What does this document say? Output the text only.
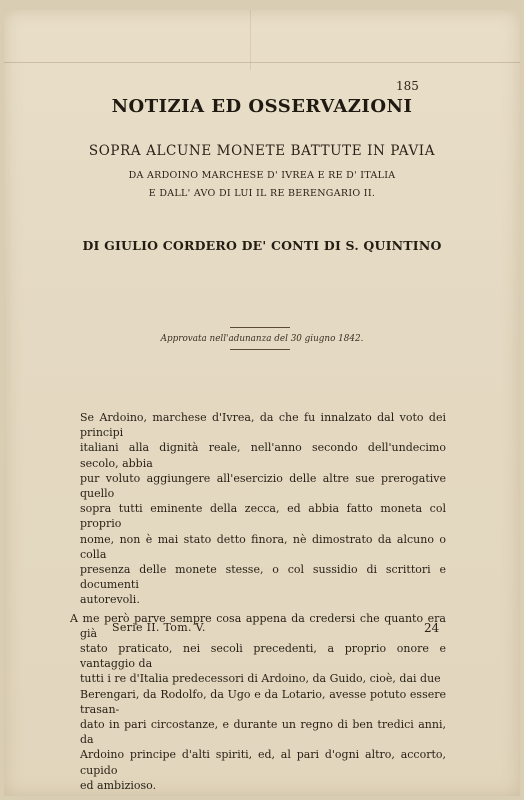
185
NOTIZIA ED OSSERVAZIONI
SOPRA ALCUNE MONETE BATTUTE IN PAVIA
DA ARDOINO MARCHESE D' IVREA E RE D' ITALIA
E DALL' AVO DI LUI IL RE BERENGARIO II.
DI GIULIO CORDERO DE' CONTI DI S. QUINTINO
Approvata nell'adunanza del 30 giugno 1842.

Se Ardoino, marchese d'Ivrea, da che fu innalzato dal voto dei principi
italiani alla dignità reale, nell'anno secondo dell'undecimo secolo, abbia
pur voluto aggiungere all'esercizio delle altre sue prerogative quello
sopra tutti eminente della zecca, ed abbia fatto moneta col proprio
nome, non è mai stato detto finora, nè dimostrato da alcuno o colla
presenza delle monete stesse, o col sussidio di scrittori e documenti
autorevoli.

A me però parve sempre cosa appena da credersi che quanto era già
stato praticato, nei secoli precedenti, a proprio onore e vantaggio da
tutti i re d'Italia predecessori di Ardoino, da Guido, cioè, dai due
Berengari, da Rodolfo, da Ugo e da Lotario, avesse potuto essere trasan-
dato in pari circostanze, e durante un regno di ben tredici anni, da
Ardoino principe d'alti spiriti, ed, al pari d'ogni altro, accorto, cupido
ed ambizioso.

Serie II. Tom. V.	24
